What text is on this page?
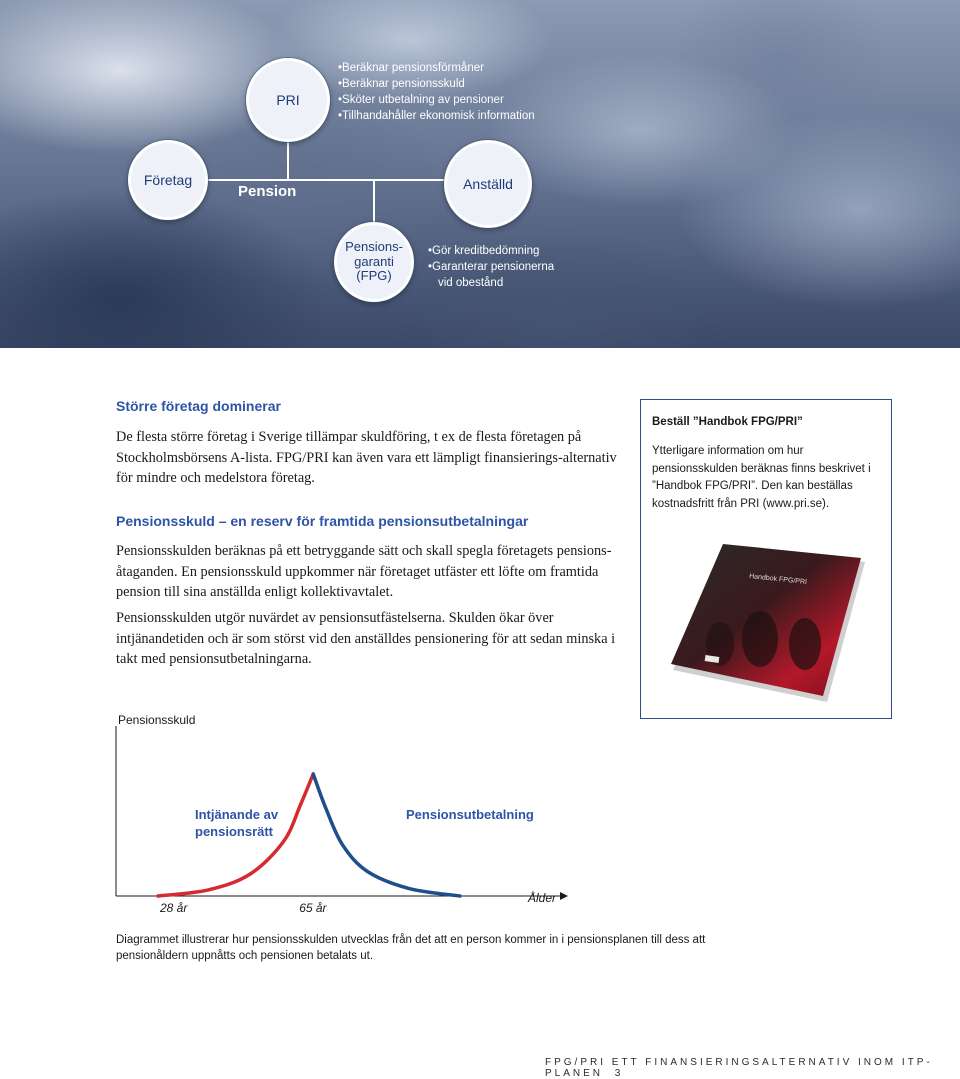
PRI
• Beräknar pensionsförmåner
• Beräknar pensionsskuld
• Sköter utbetalning av pensioner
• Tillhandahåller ekonomisk information
Företag
Pension	Anställd
Pensions-
garanti
(FPG)
• Gör kreditbedömning
• Garanterar pensionerna
vid obestånd
Större företag dominerar
De flesta större företag i Sverige tillämpar skuldföring, t ex de flesta företagen på Stockholmsbörsens A-lista. FPG/PRI kan även vara ett lämpligt finansierings-alternativ för mindre och medelstora företag.
Pensionsskuld – en reserv för framtida pensionsutbetalningar
Pensionsskulden beräknas på ett betryggande sätt och skall spegla företagets pensions-åtaganden. En pensionsskuld uppkommer när företaget utfäster ett löfte om framtida pension till sina anställda enligt kollektivavtalet.
Pensionsskulden utgör nuvärdet av pensionsutfästelserna. Skulden ökar över intjänandetiden och är som störst vid den anställdes pensionering för att sedan minska i takt med pensionsutbetalningarna.
Beställ ”Handbok FPG/PRI”
Ytterligare information om hur pensionsskulden beräknas finns beskrivet i ”Handbok FPG/PRI”. Den kan beställas kostnadsfritt från PRI (www.pri.se).
Handbok FPG/PRI
Pensionsskuld
Ålder
28 år	65 år
Intjänande av
pensionsrätt
Pensionsutbetalning
Diagrammet illustrerar hur pensionsskulden utvecklas från det att en person kommer in i pensionsplanen till dess att pensionåldern uppnåtts och pensionen betalats ut.
FPG/PRI ETT FINANSIERINGSALTERNATIV INOM ITP-PLANEN 3
